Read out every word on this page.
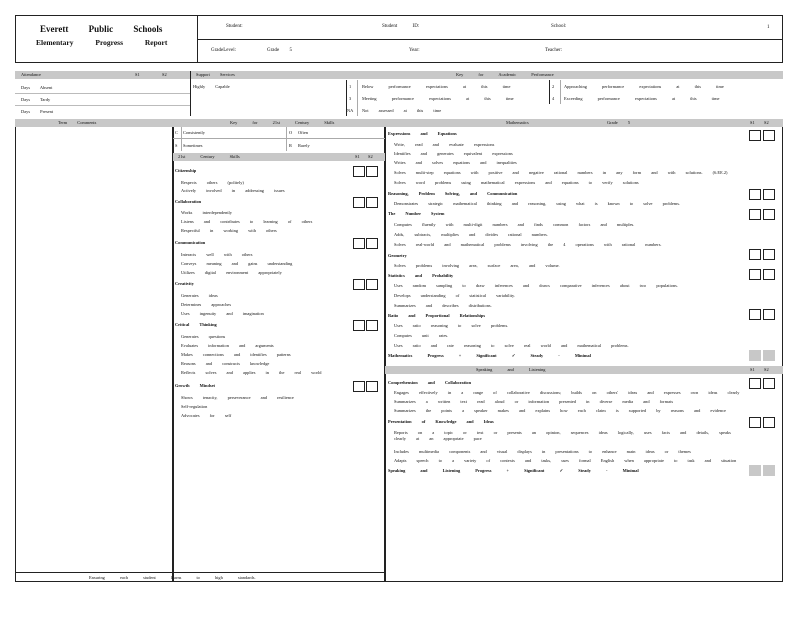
Everett Public Schools
Elementary Progress Report
Student:	Student ID:	School:	1
GradeLevel:	Grade 5	Year:	Teacher:
Attendance	S1	S2
Days Absent
Days Tardy
Days Present
Support Services
Highly Capable
Key for Academic Performance
1 Below performance expectations at this time	2 Approaching performance expectations at this time
3 Meeting performance expectations at this time	4 Exceeding performance expectations at this time
NA Not assessed at this time
Term Comments
Ensuring each student learns to high standards.
Key for 21st Century Skills
C Consistently	O Often
S Sometimes	R Rarely
21st Century Skills	S1 S2
Citizenship
Respects others (politely)
Actively involved in addressing issues
Collaboration
Works interdependently
Listens and contributes to learning of others
Respectful in working with others
Communication
Interacts well with others
Conveys meaning and gains understanding
Utilizes digital environment appropriately
Creativity
Generates ideas
Determines approaches
Uses ingenuity and imagination
Critical Thinking
Generates questions
Evaluates information and arguments
Makes connections and identifies patterns
Reasons and constructs knowledge
Reflects solves and applies in the real world
Growth Mindset
Shows tenacity, perseverance and resilience
Self-regulation
Advocates for self
Mathematics	Grade 5	S1 S2
Expressions and Equations
Write, read and evaluate expressions
Identifies and generates equivalent expressions
Writes and solves equations and inequalities
Solves multi-step equations with positive and negative rational numbers in any form and with solutions. (6.EE.2)
Solves word problems using mathematical expressions and equations to verify solutions
Reasoning, Problem Solving, and Communication
Demonstrates strategic mathematical thinking and reasoning, using what is known to solve problems.
The Number System
Computes fluently with multi-digit numbers and finds common factors and multiples.
Adds, subtracts, multiplies and divides rational numbers.
Solves real-world and mathematical problems involving the 4 operations with rational numbers.
Geometry
Solves problems involving area, surface area, and volume.
Statistics and Probability
Uses random sampling to draw inferences and draws comparative inferences about two populations.
Develops understanding of statistical variability.
Summarizes and describes distributions.
Ratio and Proportional Relationships
Uses ratio reasoning to solve problems.
Computes unit rates.
Uses ratio and rate reasoning to solve real world and mathematical problems.
Mathematics Progress + Significant ✓ Steady - Minimal
Speaking and Listening	S1 S2
Comprehension and Collaboration
Engages effectively in a range of collaborative discussions; builds on others' ideas and expresses own ideas clearly
Summarizes a written text read aloud or information presented in diverse media and formats
Summarizes the points a speaker makes and explains how each claim is supported by reasons and evidence
Presentation of Knowledge and Ideas
Reports on a topic or text or presents an opinion, sequences ideas logically, uses facts and details, speaks clearly at an appropriate pace
Includes multimedia components and visual displays in presentations to enhance main ideas or themes
Adapts speech to a variety of contexts and tasks, uses formal English when appropriate to task and situation
Speaking and Listening Progress + Significant ✓ Steady - Minimal
